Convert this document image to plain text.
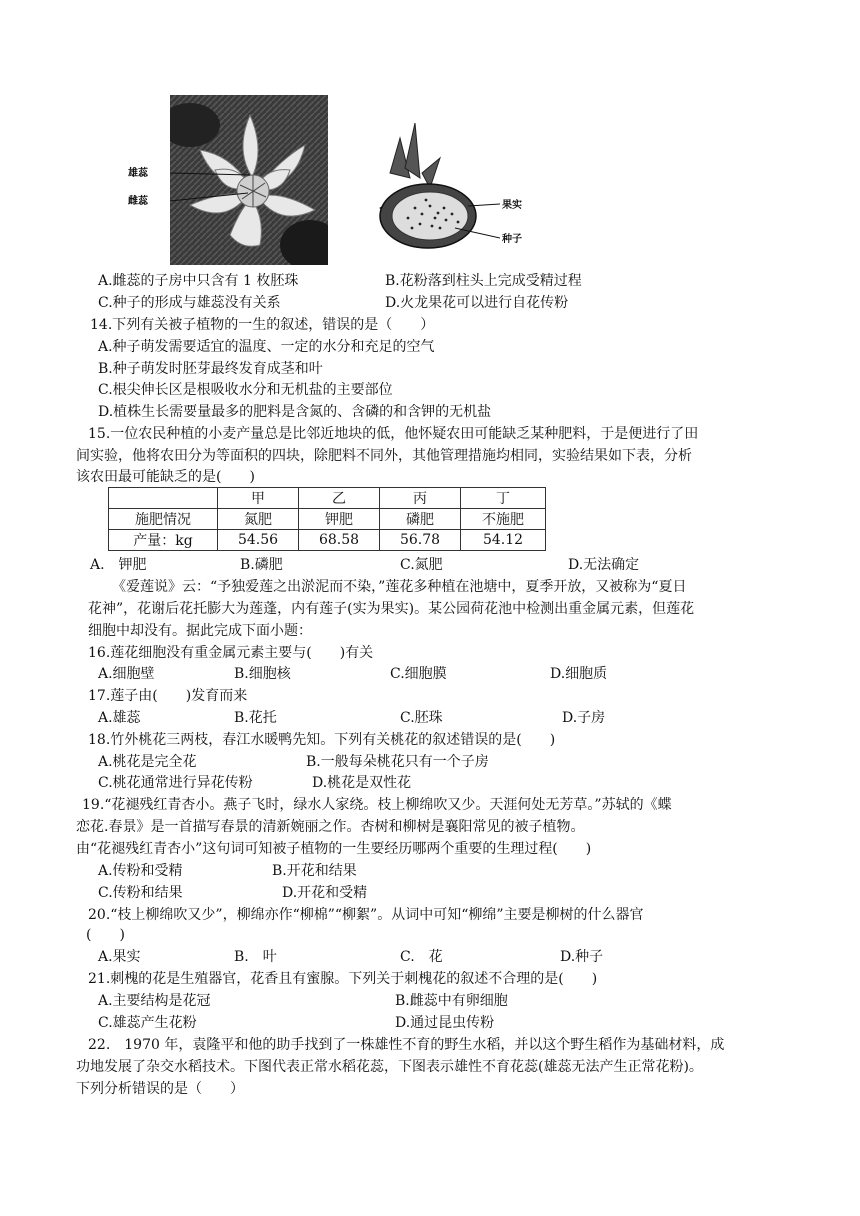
雄蕊
雌蕊	果实
种子
A.雌蕊的子房中只含有 1 枚胚珠	B.花粉落到柱头上完成受精过程
C.种子的形成与雄蕊没有关系	D.火龙果花可以进行自花传粉
14.下列有关被子植物的一生的叙述，错误的是（　　）
A.种子萌发需要适宜的温度、一定的水分和充足的空气
B.种子萌发时胚芽最终发育成茎和叶
C.根尖伸长区是根吸收水分和无机盐的主要部位
D.植株生长需要量最多的肥料是含氮的、含磷的和含钾的无机盐
15.一位农民种植的小麦产量总是比邻近地块的低，他怀疑农田可能缺乏某种肥料，于是便进行了田
间实验，他将农田分为等面积的四块，除肥料不同外，其他管理措施均相同，实验结果如下表，分析
该农田最可能缺乏的是(　　)
	甲	乙	丙	丁
施肥情况	氮肥	钾肥	磷肥	不施肥
产量：kg	54.56	68.58	56.78	54.12
A.　钾肥	B.磷肥	C.氮肥	D.无法确定
《爱莲说》云：“予独爱莲之出淤泥而不染，”莲花多种植在池塘中，夏季开放，又被称为“夏日
花神”，花谢后花托膨大为莲蓬，内有莲子(实为果实)。某公园荷花池中检测出重金属元素，但莲花
细胞中却没有。据此完成下面小题：
16.莲花细胞没有重金属元素主要与(　　)有关
A.细胞壁	B.细胞核	C.细胞膜	D.细胞质
17.莲子由(　　)发育而来
A.雄蕊	B.花托	C.胚珠	D.子房
18.竹外桃花三两枝，春江水暖鸭先知。下列有关桃花的叙述错误的是(　　)
A.桃花是完全花	B.一般每朵桃花只有一个子房
C.桃花通常进行异花传粉	D.桃花是双性花
19.“花褪残红青杏小。燕子飞时，绿水人家绕。枝上柳绵吹又少。天涯何处无芳草。”苏轼的《蝶
恋花.春景》是一首描写春景的清新婉丽之作。杏树和柳树是襄阳常见的被子植物。
由“花褪残红青杏小”这句词可知被子植物的一生要经历哪两个重要的生理过程(　　)
A.传粉和受精	B.开花和结果
C.传粉和结果	D.开花和受精
20.“枝上柳绵吹又少”，柳绵亦作“柳棉”“柳絮”。从词中可知“柳绵”主要是柳树的什么器官
(　　)
A.果实	B.　叶	C.　花	D.种子
21.刺槐的花是生殖器官，花香且有蜜腺。下列关于刺槐花的叙述不合理的是(　　)
A.主要结构是花冠	B.雌蕊中有卵细胞
C.雄蕊产生花粉	D.通过昆虫传粉
22.　1970 年，袁隆平和他的助手找到了一株雄性不育的野生水稻，并以这个野生稻作为基础材料，成
功地发展了杂交水稻技术。下图代表正常水稻花蕊，下图表示雄性不育花蕊(雄蕊无法产生正常花粉)。
下列分析错误的是（　　）
